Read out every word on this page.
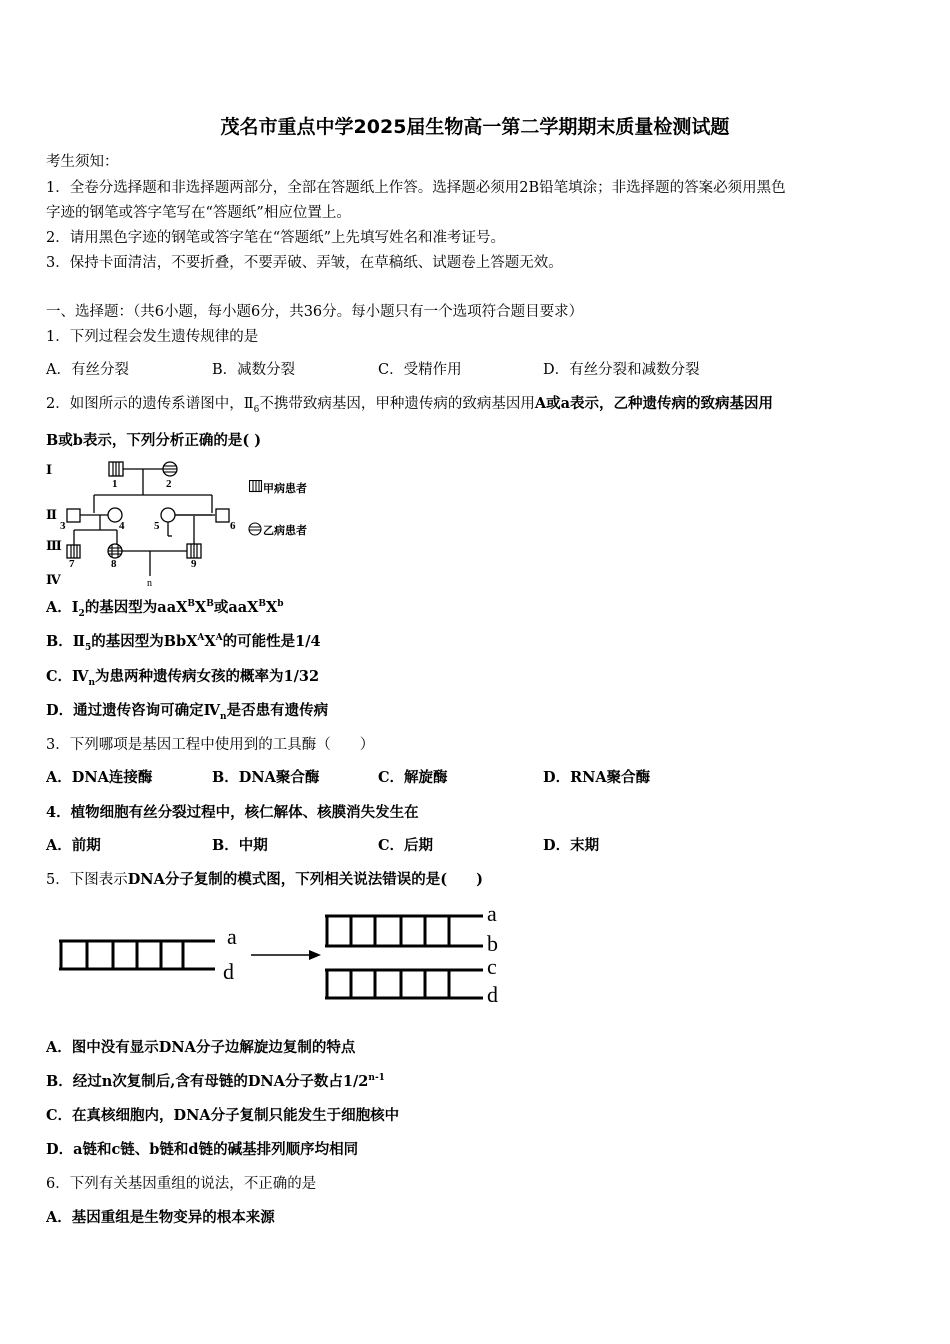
茂名市重点中学2025届生物高一第二学期期末质量检测试题
考生须知：
1．全卷分选择题和非选择题两部分，全部在答题纸上作答。选择题必须用2B铅笔填涂；非选择题的答案必须用黑色
字迹的钢笔或答字笔写在“答题纸”相应位置上。
2．请用黑色字迹的钢笔或答字笔在“答题纸”上先填写姓名和准考证号。
3．保持卡面清洁，不要折叠，不要弄破、弄皱，在草稿纸、试题卷上答题无效。
一、选择题：（共6小题，每小题6分，共36分。每小题只有一个选项符合题目要求）
1．下列过程会发生遗传规律的是
A．有丝分裂	B．减数分裂	C．受精作用	D．有丝分裂和减数分裂
2．如图所示的遗传系谱图中，$Ⅱ_6$不携带致病基因，甲种遗传病的致病基因用A或a表示，乙种遗传病的致病基因用
B或b表示，下列分析正确的是( )
Ⅰ
Ⅱ
Ⅲ
Ⅳ
1	2
3	4	5	6
7	8	9
n
甲病患者
乙病患者
A．$Ⅰ_2$的基因型为$aaX^BX^B$或$aaX^BX^b$
B．$Ⅱ_5$的基因型为$BbX^AX^A$的可能性是1/4
C．$Ⅳ_n$为患两种遗传病女孩的概率为1/32
D．通过遗传咨询可确定$Ⅳ_n$是否患有遗传病
3．下列哪项是基因工程中使用到的工具酶（　　）
A．DNA连接酶	B．DNA聚合酶	C．解旋酶	D．RNA聚合酶
4．植物细胞有丝分裂过程中，核仁解体、核膜消失发生在
A．前期	B．中期	C．后期	D．末期
5．下图表示DNA分子复制的模式图，下列相关说法错误的是(　　)
a
d
a
b
c
d
A．图中没有显示DNA分子边解旋边复制的特点
B．经过n次复制后,含有母链的DNA分子数占1/2$^{n-1}$
C．在真核细胞内，DNA分子复制只能发生于细胞核中
D．a链和c链、b链和d链的碱基排列顺序均相同
6．下列有关基因重组的说法，不正确的是
A．基因重组是生物变异的根本来源
